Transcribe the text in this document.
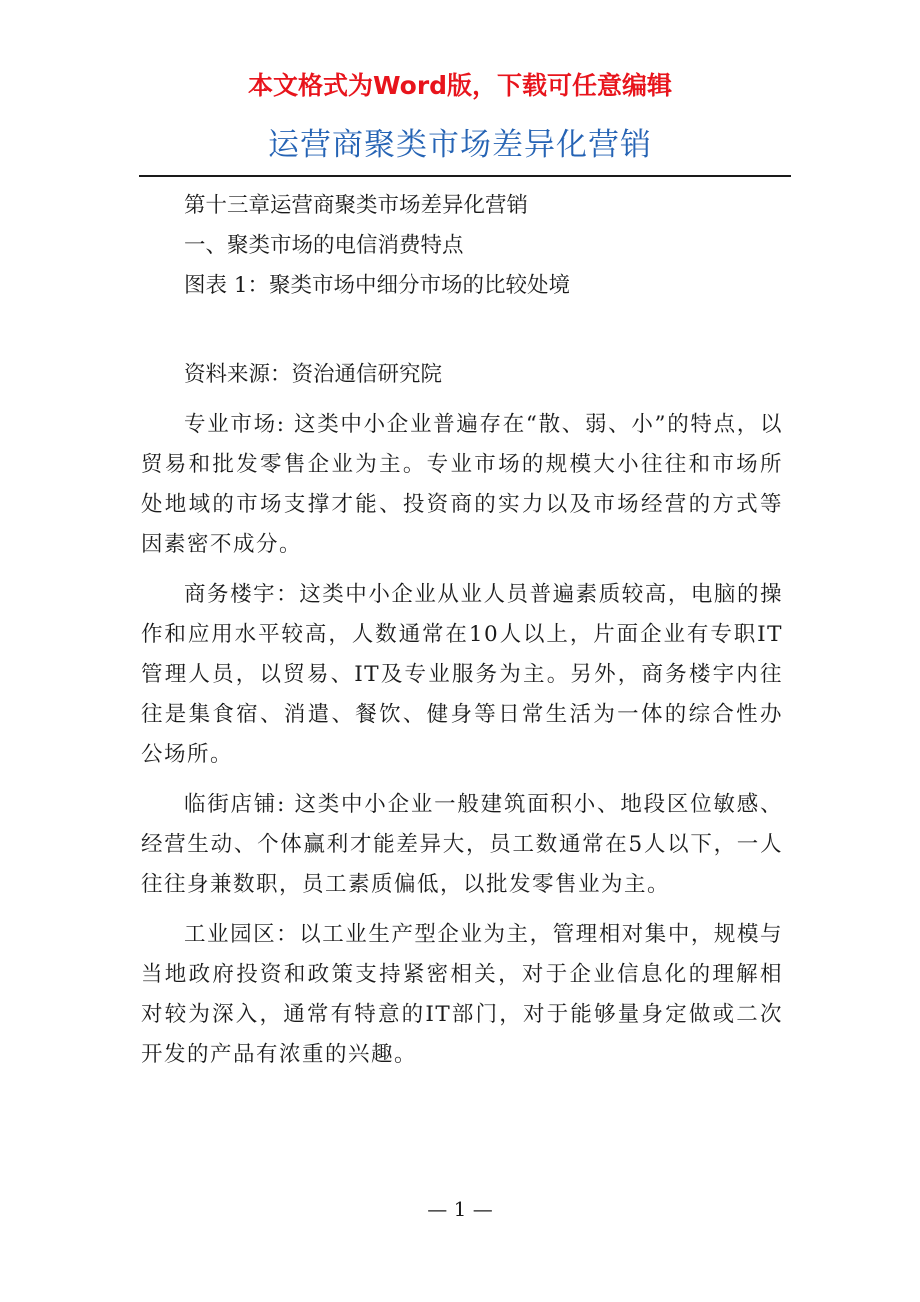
本文格式为Word版，下载可任意编辑
运营商聚类市场差异化营销

第十三章运营商聚类市场差异化营销

一、聚类市场的电信消费特点

图表 1：聚类市场中细分市场的比较处境

资料来源：资治通信研究院

专业市场: 这类中小企业普遍存在“散、弱、小”的特点，以贸易和批发零售企业为主。专业市场的规模大小往往和市场所处地域的市场支撑才能、投资商的实力以及市场经营的方式等因素密不成分。

商务楼宇：这类中小企业从业人员普遍素质较高，电脑的操作和应用水平较高，人数通常在10人以上，片面企业有专职IT管理人员，以贸易、IT及专业服务为主。另外，商务楼宇内往往是集食宿、消遣、餐饮、健身等日常生活为一体的综合性办公场所。

临街店铺: 这类中小企业一般建筑面积小、地段区位敏感、经营生动、个体赢利才能差异大，员工数通常在5人以下，一人往往身兼数职，员工素质偏低，以批发零售业为主。

工业园区：以工业生产型企业为主，管理相对集中，规模与当地政府投资和政策支持紧密相关，对于企业信息化的理解相对较为深入，通常有特意的IT部门，对于能够量身定做或二次开发的产品有浓重的兴趣。

— 1 —
